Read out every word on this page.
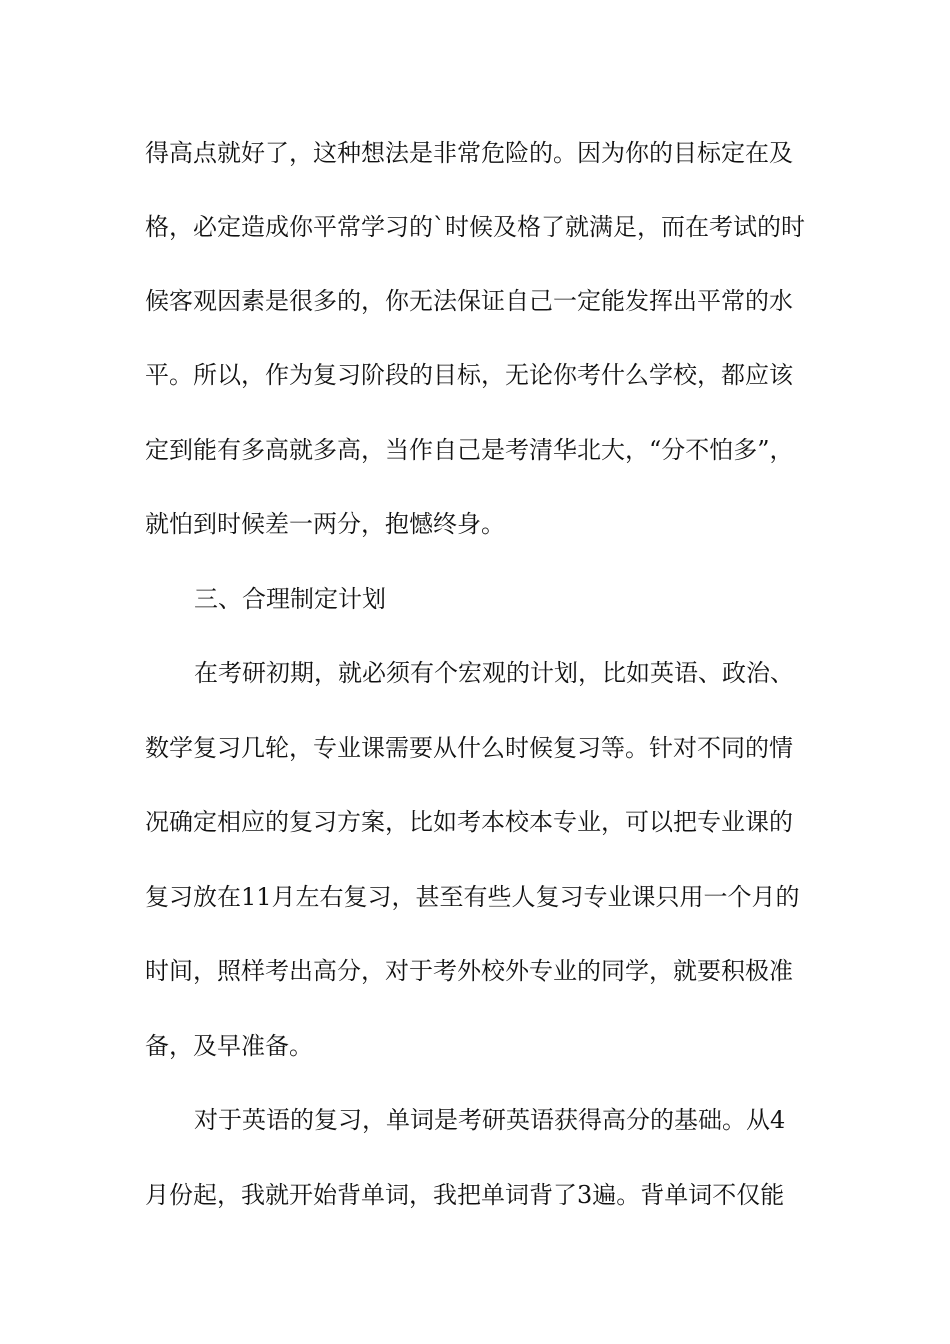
得高点就好了，这种想法是非常危险的。因为你的目标定在及
格，必定造成你平常学习的`时候及格了就满足，而在考试的时
候客观因素是很多的，你无法保证自己一定能发挥出平常的水
平。所以，作为复习阶段的目标，无论你考什么学校，都应该
定到能有多高就多高，当作自己是考清华北大，“分不怕多”，
就怕到时候差一两分，抱憾终身。
三、合理制定计划
在考研初期，就必须有个宏观的计划，比如英语、政治、
数学复习几轮，专业课需要从什么时候复习等。针对不同的情
况确定相应的复习方案，比如考本校本专业，可以把专业课的
复习放在11月左右复习，甚至有些人复习专业课只用一个月的
时间，照样考出高分，对于考外校外专业的同学，就要积极准
备，及早准备。
对于英语的复习，单词是考研英语获得高分的基础。从4
月份起，我就开始背单词，我把单词背了3遍。背单词不仅能
